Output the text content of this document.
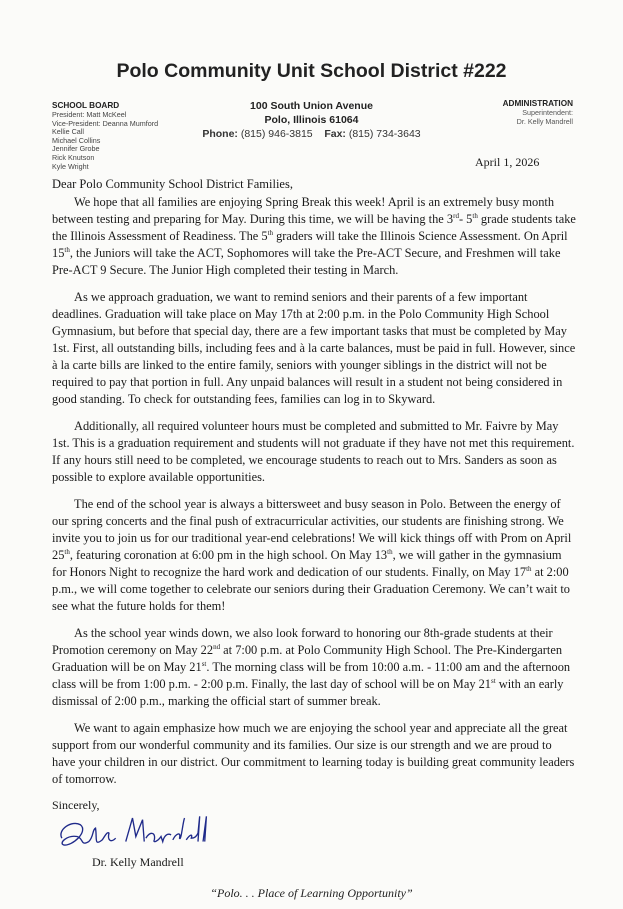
Polo Community Unit School District #222
SCHOOL BOARD
President: Matt McKeel
Vice-President: Deanna Mumford
Kellie Call
Michael Collins
Jennifer Grobe
Rick Knutson
Kyle Wright
100 South Union Avenue
Polo, Illinois 61064
Phone: (815) 946-3815 Fax: (815) 734-3643
ADMINISTRATION
Superintendent:
Dr. Kelly Mandrell
April 1, 2026
Dear Polo Community School District Families,

We hope that all families are enjoying Spring Break this week! April is an extremely busy month between testing and preparing for May. During this time, we will be having the 3rd- 5th grade students take the Illinois Assessment of Readiness. The 5th graders will take the Illinois Science Assessment. On April 15th, the Juniors will take the ACT, Sophomores will take the Pre-ACT Secure, and Freshmen will take Pre-ACT 9 Secure. The Junior High completed their testing in March.

As we approach graduation, we want to remind seniors and their parents of a few important deadlines. Graduation will take place on May 17th at 2:00 p.m. in the Polo Community High School Gymnasium, but before that special day, there are a few important tasks that must be completed by May 1st. First, all outstanding bills, including fees and à la carte balances, must be paid in full. However, since à la carte bills are linked to the entire family, seniors with younger siblings in the district will not be required to pay that portion in full. Any unpaid balances will result in a student not being considered in good standing. To check for outstanding fees, families can log in to Skyward.

Additionally, all required volunteer hours must be completed and submitted to Mr. Faivre by May 1st. This is a graduation requirement and students will not graduate if they have not met this requirement. If any hours still need to be completed, we encourage students to reach out to Mrs. Sanders as soon as possible to explore available opportunities.

The end of the school year is always a bittersweet and busy season in Polo. Between the energy of our spring concerts and the final push of extracurricular activities, our students are finishing strong. We invite you to join us for our traditional year-end celebrations! We will kick things off with Prom on April 25th, featuring coronation at 6:00 pm in the high school. On May 13th, we will gather in the gymnasium for Honors Night to recognize the hard work and dedication of our students. Finally, on May 17th at 2:00 p.m., we will come together to celebrate our seniors during their Graduation Ceremony. We can’t wait to see what the future holds for them!

As the school year winds down, we also look forward to honoring our 8th-grade students at their Promotion ceremony on May 22nd at 7:00 p.m. at Polo Community High School. The Pre-Kindergarten Graduation will be on May 21st. The morning class will be from 10:00 a.m. - 11:00 am and the afternoon class will be from 1:00 p.m. - 2:00 p.m. Finally, the last day of school will be on May 21st with an early dismissal of 2:00 p.m., marking the official start of summer break.

We want to again emphasize how much we are enjoying the school year and appreciate all the great support from our wonderful community and its families. Our size is our strength and we are proud to have your children in our district. Our commitment to learning today is building great community leaders of tomorrow.

Sincerely,
Dr. Kelly Mandrell
“Polo. . . Place of Learning Opportunity”
